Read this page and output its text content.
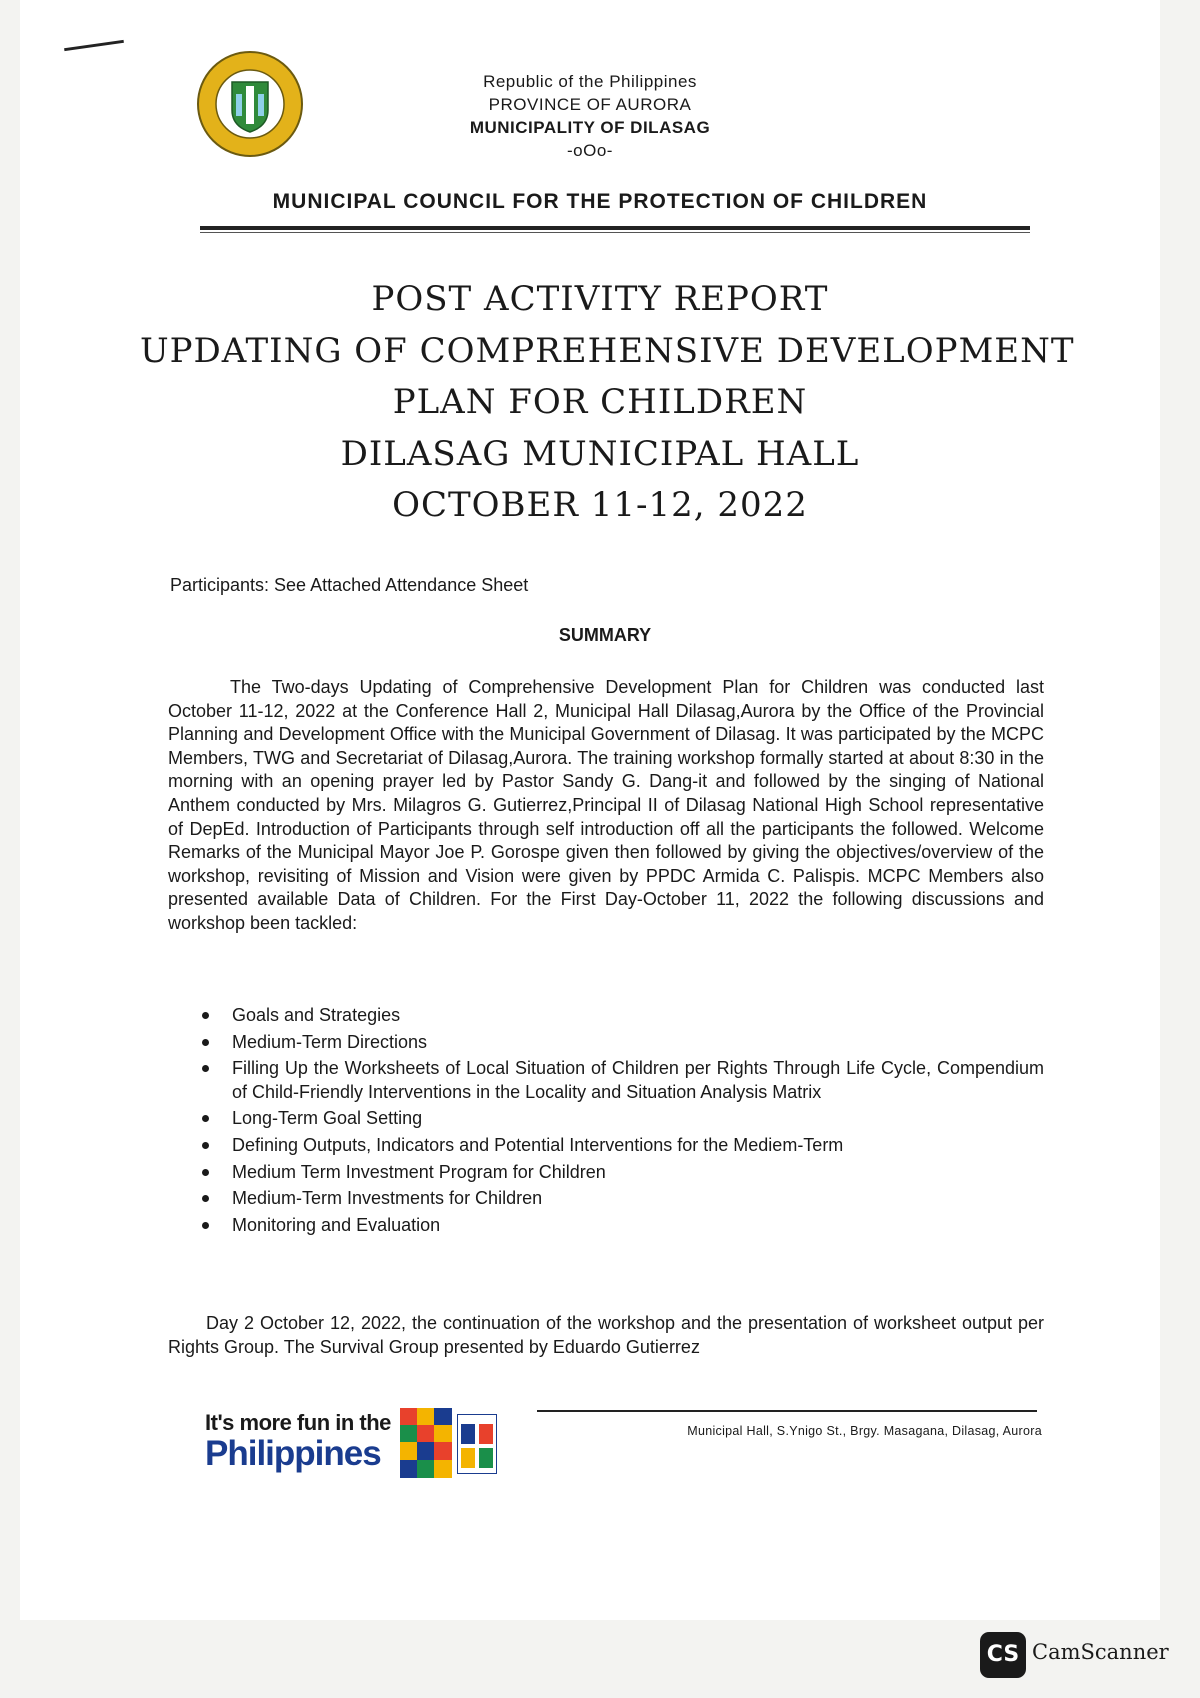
Republic of the Philippines
PROVINCE OF AURORA
MUNICIPALITY OF DILASAG
-oOo-
MUNICIPAL COUNCIL FOR THE PROTECTION OF CHILDREN
POST ACTIVITY REPORT
UPDATING OF COMPREHENSIVE DEVELOPMENT
PLAN FOR CHILDREN
DILASAG MUNICIPAL HALL
OCTOBER 11-12, 2022
Participants: See Attached Attendance Sheet
SUMMARY
The Two-days Updating of Comprehensive Development Plan for Children was conducted last October 11-12, 2022 at the Conference Hall 2, Municipal Hall Dilasag,Aurora by the Office of the Provincial Planning and Development Office with the Municipal Government of Dilasag. It was participated by the MCPC Members, TWG and Secretariat of Dilasag,Aurora. The training workshop formally started at about 8:30 in the morning with an opening prayer led by Pastor Sandy G. Dang-it and followed by the singing of National Anthem conducted by Mrs. Milagros G. Gutierrez,Principal II of Dilasag National High School representative of DepEd. Introduction of Participants through self introduction off all the participants the followed. Welcome Remarks of the Municipal Mayor Joe P. Gorospe given then followed by giving the objectives/overview of the workshop, revisiting of Mission and Vision were given by PPDC Armida C. Palispis. MCPC Members also presented available Data of Children. For the First Day-October 11, 2022 the following discussions and workshop been tackled:
Goals and Strategies
Medium-Term Directions
Filling Up the Worksheets of Local Situation of Children per Rights Through Life Cycle, Compendium of Child-Friendly Interventions in the Locality and Situation Analysis Matrix
Long-Term Goal Setting
Defining Outputs, Indicators and Potential Interventions for the Mediem-Term
Medium Term Investment Program for Children
Medium-Term Investments for Children
Monitoring and Evaluation
Day 2 October 12, 2022, the continuation of the workshop and the presentation of worksheet output per Rights Group. The Survival Group presented by Eduardo Gutierrez
It's more fun in the
Philippines
Municipal Hall, S.Ynigo St., Brgy. Masagana, Dilasag, Aurora
CS CamScanner
